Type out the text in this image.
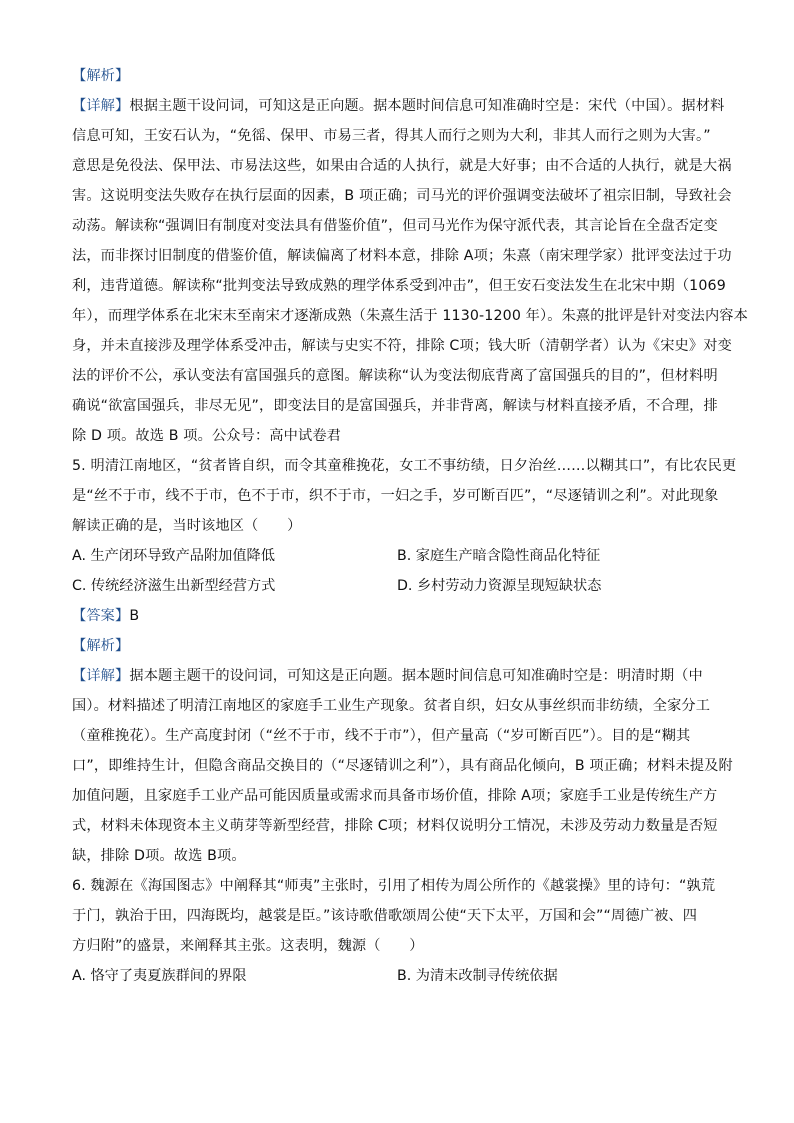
【解析】
【详解】根据主题干设问词，可知这是正向题。据本题时间信息可知准确时空是：宋代（中国）。据材料
信息可知，王安石认为，“免徭、保甲、市易三者，得其人而行之则为大利，非其人而行之则为大害。”
意思是免役法、保甲法、市易法这些，如果由合适的人执行，就是大好事；由不合适的人执行，就是大祸
害。这说明变法失败存在执行层面的因素，B 项正确；司马光的评价强调变法破坏了祖宗旧制，导致社会
动荡。解读称“强调旧有制度对变法具有借鉴价值”，但司马光作为保守派代表，其言论旨在全盘否定变
法，而非探讨旧制度的借鉴价值，解读偏离了材料本意，排除 A项；朱熹（南宋理学家）批评变法过于功
利，违背道德。解读称“批判变法导致成熟的理学体系受到冲击”，但王安石变法发生在北宋中期（1069
年），而理学体系在北宋末至南宋才逐渐成熟（朱熹生活于 1130-1200 年）。朱熹的批评是针对变法内容本
身，并未直接涉及理学体系受冲击，解读与史实不符，排除 C项；钱大昕（清朝学者）认为《宋史》对变
法的评价不公，承认变法有富国强兵的意图。解读称“认为变法彻底背离了富国强兵的目的”，但材料明
确说“欲富国强兵，非尽无见”，即变法目的是富国强兵，并非背离，解读与材料直接矛盾，不合理，排
除 D 项。故选 B 项。公众号：高中试卷君
5. 明清江南地区，“贫者皆自织，而令其童稚挽花，女工不事纺绩，日夕治丝……以糊其口”，有比农民更
是“丝不于市，线不于市，色不于市，织不于市，一妇之手，岁可断百匹”，“尽逐锖训之利”。对此现象
解读正确的是，当时该地区（　　）
A. 生产闭环导致产品附加值降低	B. 家庭生产暗含隐性商品化特征
C. 传统经济滋生出新型经营方式	D. 乡村劳动力资源呈现短缺状态
【答案】B
【解析】
【详解】据本题主题干的设问词，可知这是正向题。据本题时间信息可知准确时空是：明清时期（中
国）。材料描述了明清江南地区的家庭手工业生产现象。贫者自织，妇女从事丝织而非纺绩，全家分工
（童稚挽花）。生产高度封闭（“丝不于市，线不于市”），但产量高（“岁可断百匹”）。目的是“糊其
口”，即维持生计，但隐含商品交换目的（“尽逐锖训之利”），具有商品化倾向，B 项正确；材料未提及附
加值问题，且家庭手工业产品可能因质量或需求而具备市场价值，排除 A项；家庭手工业是传统生产方
式，材料未体现资本主义萌芽等新型经营，排除 C项；材料仅说明分工情况，未涉及劳动力数量是否短
缺，排除 D项。故选 B项。
6. 魏源在《海国图志》中阐释其“师夷”主张时，引用了相传为周公所作的《越裳操》里的诗句：“孰荒
于门，孰治于田，四海既均，越裳是臣。”该诗歌借歌颂周公使“天下太平，万国和会”“周德广被、四
方归附”的盛景，来阐释其主张。这表明，魏源（　　）
A. 恪守了夷夏族群间的界限	B. 为清末改制寻传统依据
